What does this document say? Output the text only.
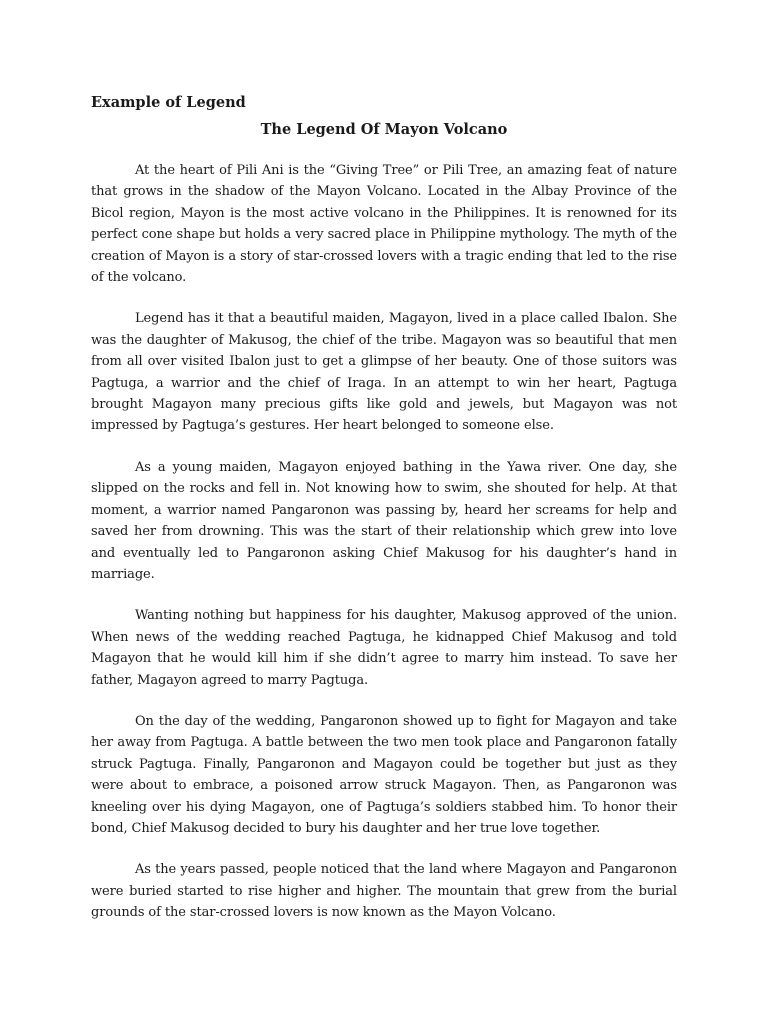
Example of Legend

The Legend Of Mayon Volcano

At the heart of Pili Ani is the “Giving Tree” or Pili Tree, an amazing feat of nature that grows in the shadow of the Mayon Volcano. Located in the Albay Province of the Bicol region, Mayon is the most active volcano in the Philippines. It is renowned for its perfect cone shape but holds a very sacred place in Philippine mythology. The myth of the creation of Mayon is a story of star-crossed lovers with a tragic ending that led to the rise of the volcano.

Legend has it that a beautiful maiden, Magayon, lived in a place called Ibalon. She was the daughter of Makusog, the chief of the tribe. Magayon was so beautiful that men from all over visited Ibalon just to get a glimpse of her beauty. One of those suitors was Pagtuga, a warrior and the chief of Iraga. In an attempt to win her heart, Pagtuga brought Magayon many precious gifts like gold and jewels, but Magayon was not impressed by Pagtuga’s gestures. Her heart belonged to someone else.

As a young maiden, Magayon enjoyed bathing in the Yawa river. One day, she slipped on the rocks and fell in. Not knowing how to swim, she shouted for help. At that moment, a warrior named Pangaronon was passing by, heard her screams for help and saved her from drowning. This was the start of their relationship which grew into love and eventually led to Pangaronon asking Chief Makusog for his daughter’s hand in marriage.

Wanting nothing but happiness for his daughter, Makusog approved of the union. When news of the wedding reached Pagtuga, he kidnapped Chief Makusog and told Magayon that he would kill him if she didn’t agree to marry him instead. To save her father, Magayon agreed to marry Pagtuga.

On the day of the wedding, Pangaronon showed up to fight for Magayon and take her away from Pagtuga. A battle between the two men took place and Pangaronon fatally struck Pagtuga. Finally, Pangaronon and Magayon could be together but just as they were about to embrace, a poisoned arrow struck Magayon. Then, as Pangaronon was kneeling over his dying Magayon, one of Pagtuga’s soldiers stabbed him. To honor their bond, Chief Makusog decided to bury his daughter and her true love together.

As the years passed, people noticed that the land where Magayon and Pangaronon were buried started to rise higher and higher. The mountain that grew from the burial grounds of the star-crossed lovers is now known as the Mayon Volcano.
